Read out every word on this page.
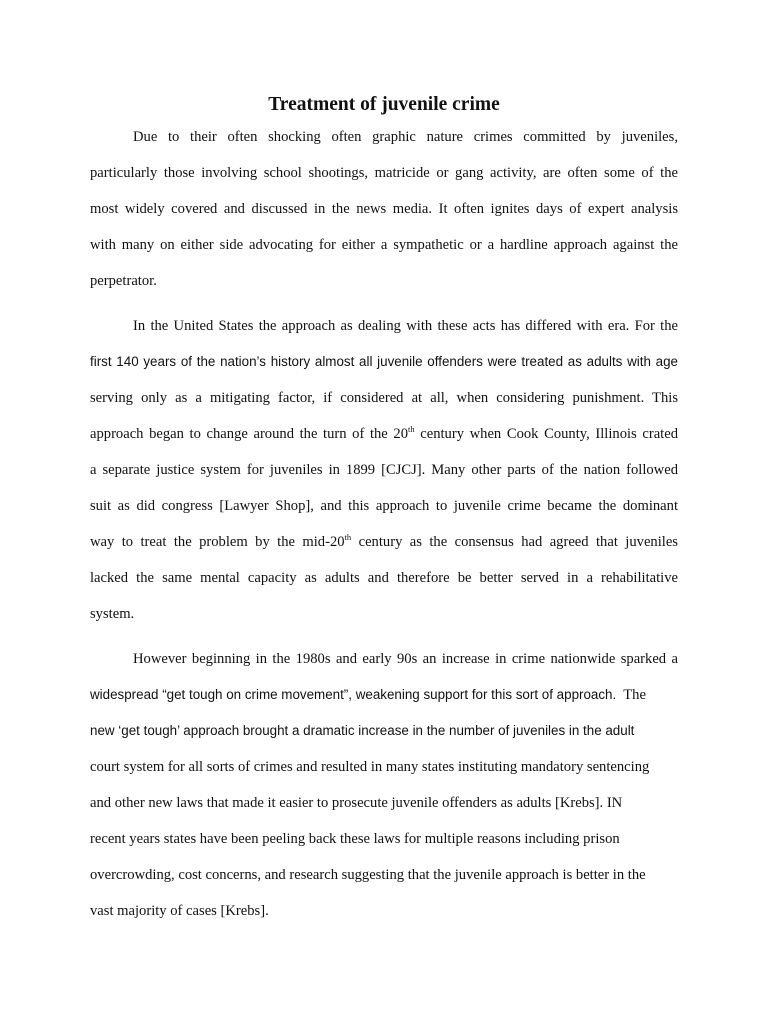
Treatment of juvenile crime
Due to their often shocking often graphic nature crimes committed by juveniles,
particularly those involving school shootings, matricide or gang activity, are often some of the
most widely covered and discussed in the news media. It often ignites days of expert analysis
with many on either side advocating for either a sympathetic or a hardline approach against the
perpetrator.
In the United States the approach as dealing with these acts has differed with era. For the
first 140 years of the nation’s history almost all juvenile offenders were treated as adults with age
serving only as a mitigating factor, if considered at all, when considering punishment. This
approach began to change around the turn of the 20th century when Cook County, Illinois crated
a separate justice system for juveniles in 1899 [CJCJ]. Many other parts of the nation followed
suit as did congress [Lawyer Shop], and this approach to juvenile crime became the dominant
way to treat the problem by the mid-20th century as the consensus had agreed that juveniles
lacked the same mental capacity as adults and therefore be better served in a rehabilitative
system.
However beginning in the 1980s and early 90s an increase in crime nationwide sparked a
widespread “get tough on crime movement”, weakening support for this sort of approach.  The
new ‘get tough’ approach brought a dramatic increase in the number of juveniles in the adult
court system for all sorts of crimes and resulted in many states instituting mandatory sentencing
and other new laws that made it easier to prosecute juvenile offenders as adults [Krebs]. IN
recent years states have been peeling back these laws for multiple reasons including prison
overcrowding, cost concerns, and research suggesting that the juvenile approach is better in the
vast majority of cases [Krebs].
